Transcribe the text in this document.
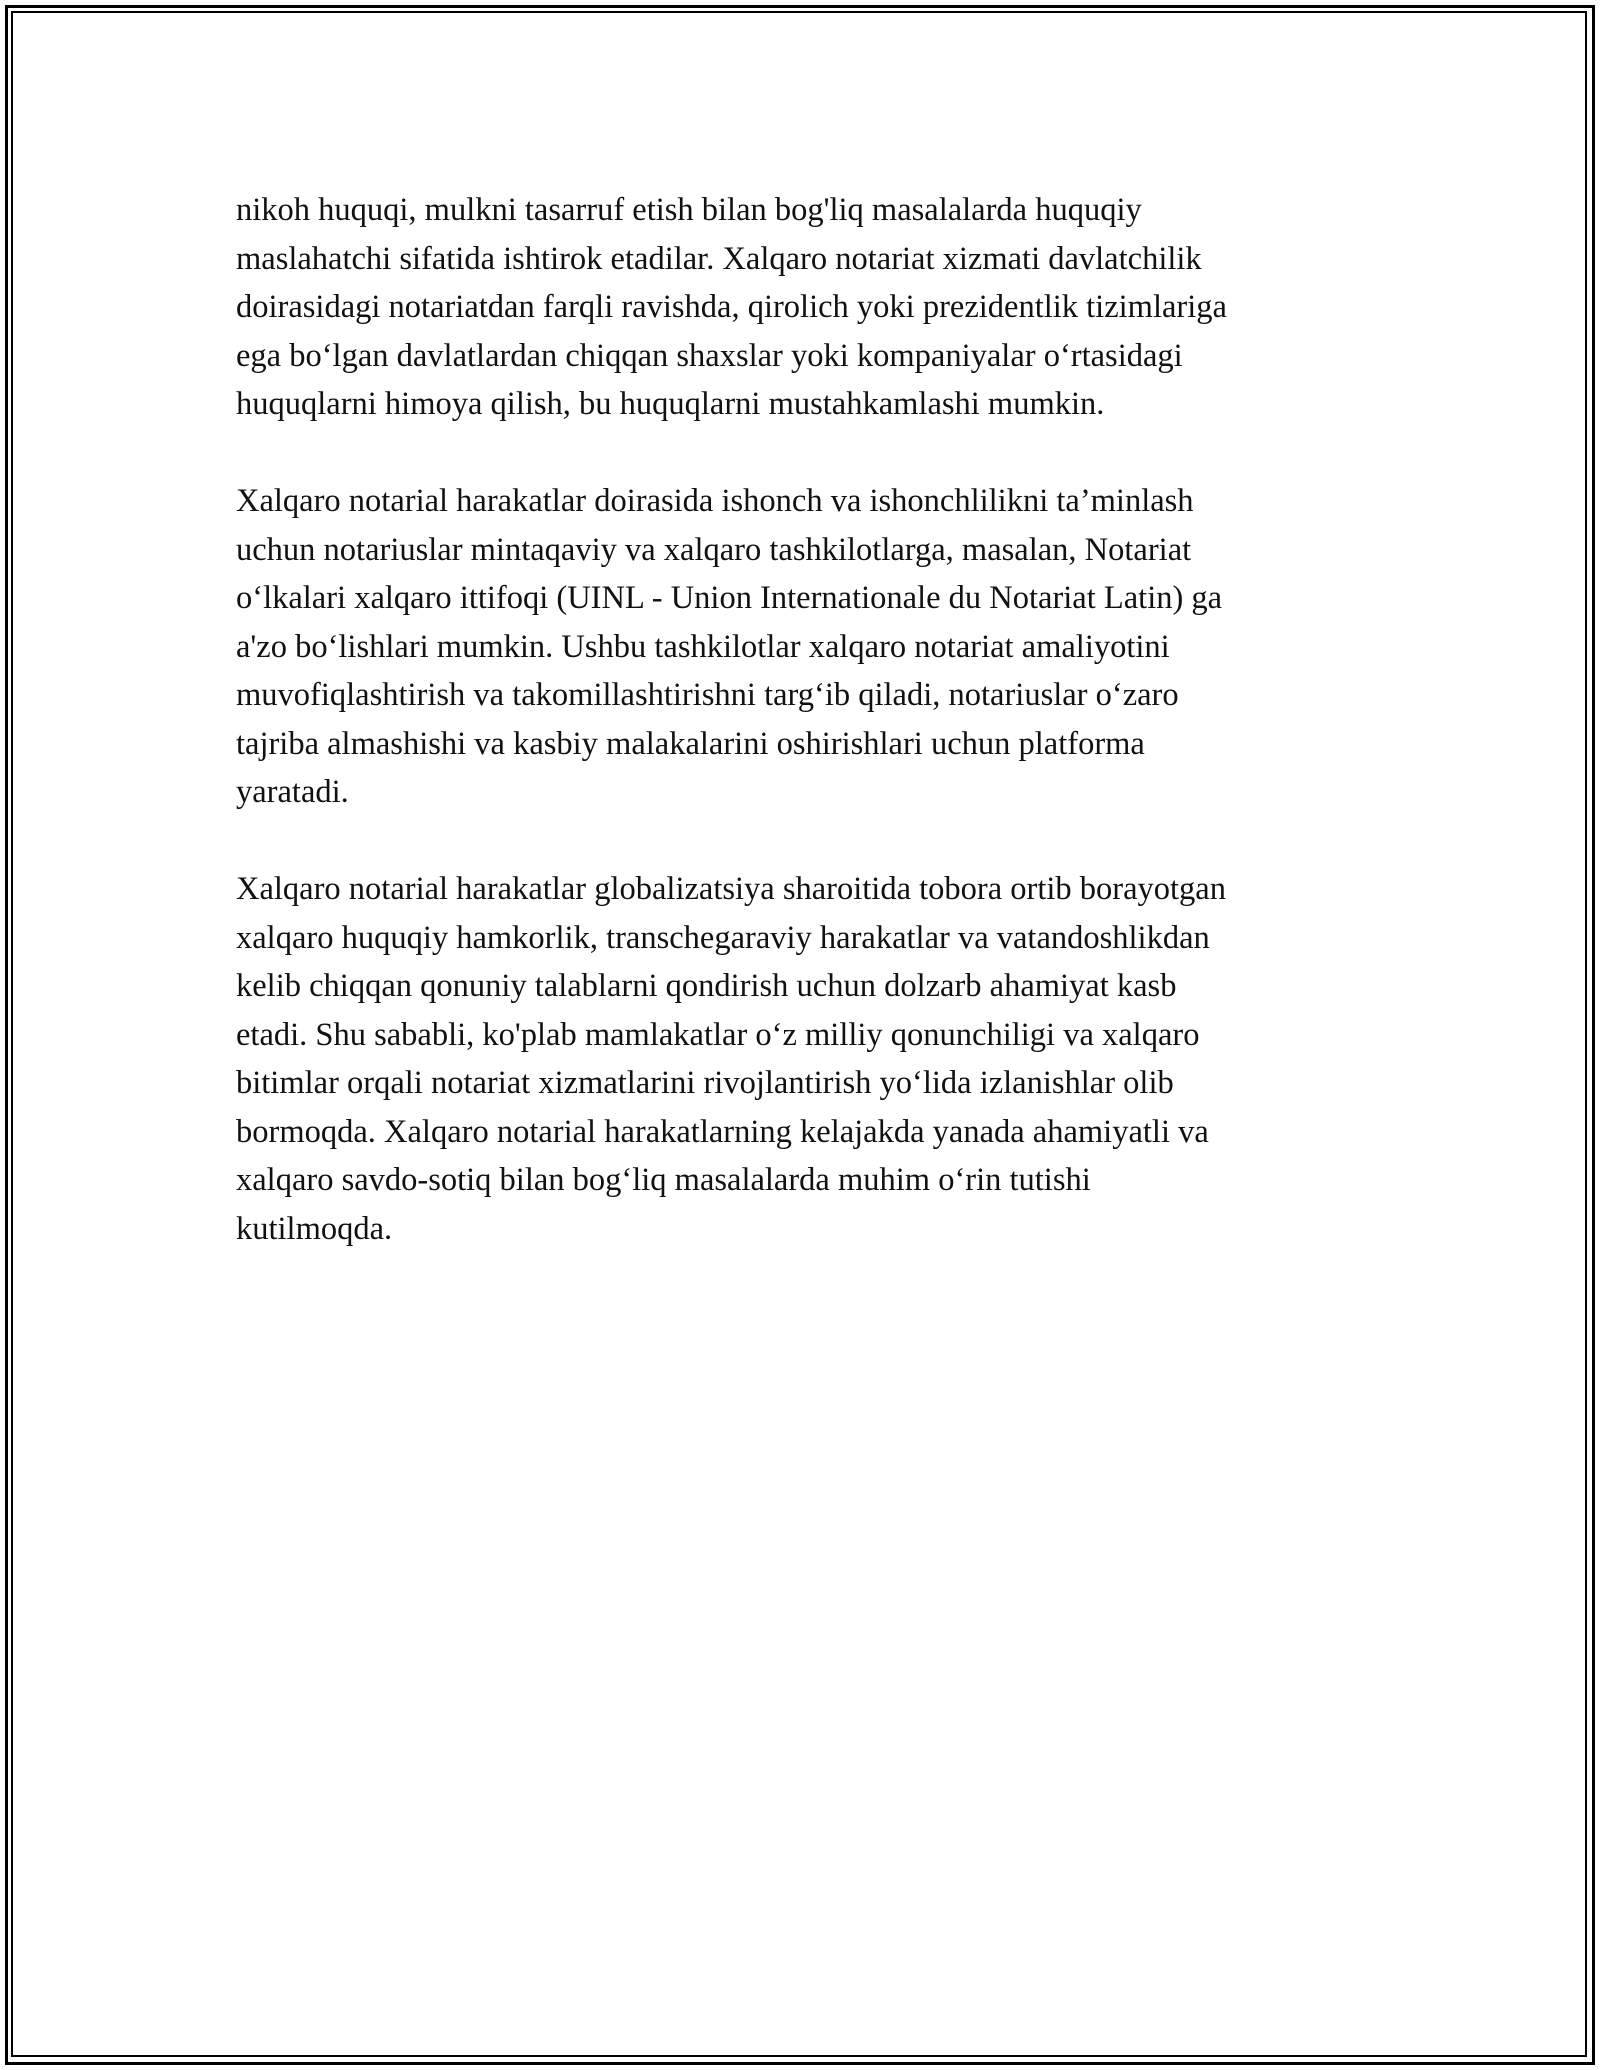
nikoh huquqi, mulkni tasarruf etish bilan bog'liq masalalarda huquqiy
maslahatchi sifatida ishtirok etadilar. Xalqaro notariat xizmati davlatchilik
doirasidagi notariatdan farqli ravishda, qirolich yoki prezidentlik tizimlariga
ega boʻlgan davlatlardan chiqqan shaxslar yoki kompaniyalar oʻrtasidagi
huquqlarni himoya qilish, bu huquqlarni mustahkamlashi mumkin.
Xalqaro notarial harakatlar doirasida ishonch va ishonchlilikni ta’minlash
uchun notariuslar mintaqaviy va xalqaro tashkilotlarga, masalan, Notariat
oʻlkalari xalqaro ittifoqi (UINL - Union Internationale du Notariat Latin) ga
a'zo boʻlishlari mumkin. Ushbu tashkilotlar xalqaro notariat amaliyotini
muvofiqlashtirish va takomillashtirishni targʻib qiladi, notariuslar oʻzaro
tajriba almashishi va kasbiy malakalarini oshirishlari uchun platforma
yaratadi.
Xalqaro notarial harakatlar globalizatsiya sharoitida tobora ortib borayotgan
xalqaro huquqiy hamkorlik, transchegaraviy harakatlar va vatandoshlikdan
kelib chiqqan qonuniy talablarni qondirish uchun dolzarb ahamiyat kasb
etadi. Shu sababli, ko'plab mamlakatlar oʻz milliy qonunchiligi va xalqaro
bitimlar orqali notariat xizmatlarini rivojlantirish yoʻlida izlanishlar olib
bormoqda. Xalqaro notarial harakatlarning kelajakda yanada ahamiyatli va
xalqaro savdo-sotiq bilan bogʻliq masalalarda muhim oʻrin tutishi
kutilmoqda.
